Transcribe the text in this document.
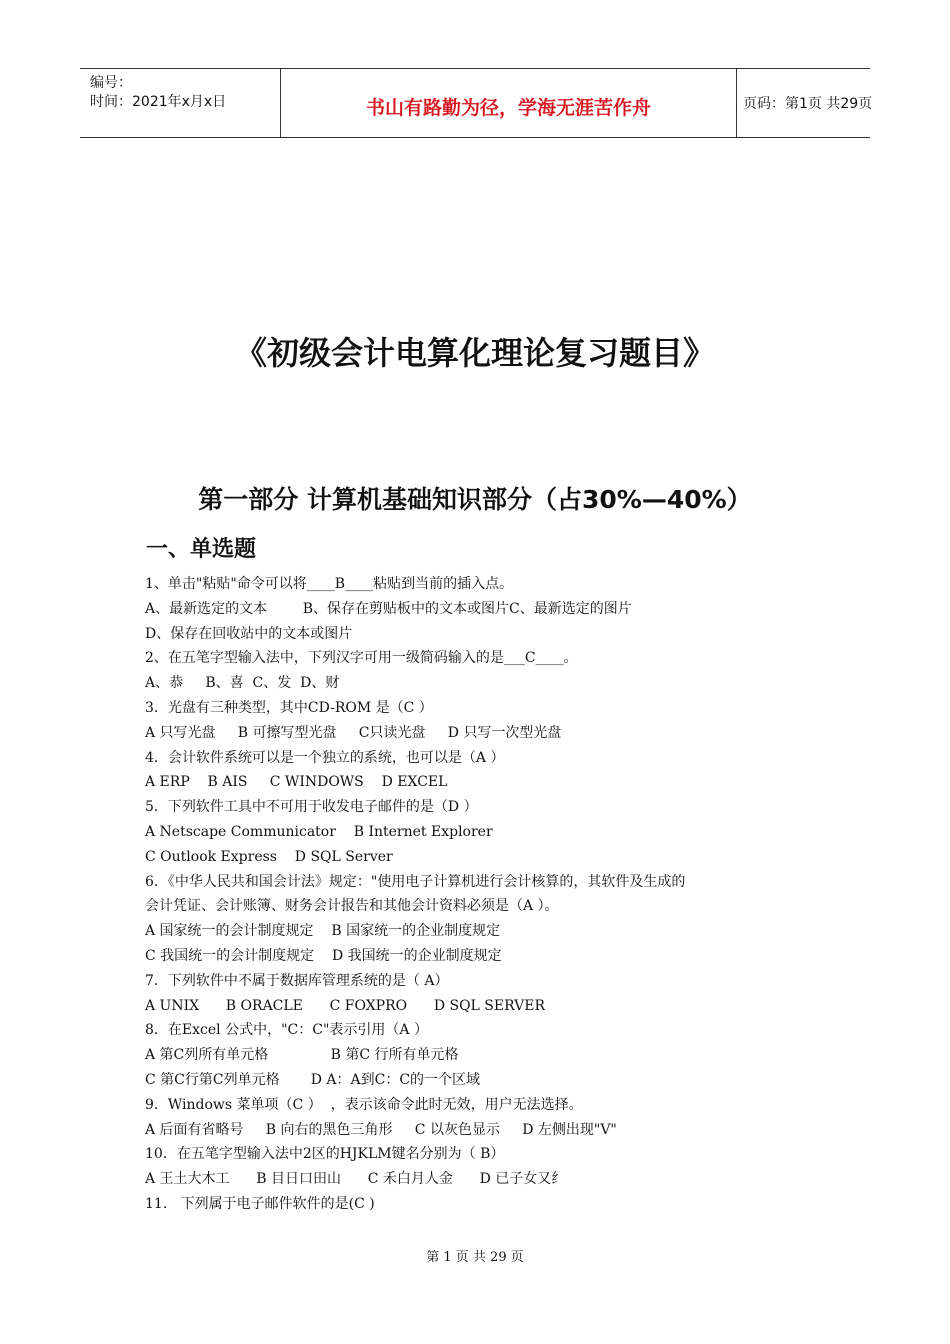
编号：
时间：2021年x月x日	书山有路勤为径，学海无涯苦作舟	页码：第1页 共29页
《初级会计电算化理论复习题目》
第一部分 计算机基础知识部分（占30%—40%）
一、单选题
1、单击"粘贴"命令可以将____B____粘贴到当前的插入点。
A、最新选定的文本        B、保存在剪贴板中的文本或图片C、最新选定的图片
D、保存在回收站中的文本或图片
2、在五笔字型输入法中，下列汉字可用一级简码输入的是___C____。
A、恭     B、喜  C、发  D、财
3．光盘有三种类型，其中CD-ROM 是（C ）
A 只写光盘     B 可擦写型光盘     C只读光盘     D 只写一次型光盘
4．会计软件系统可以是一个独立的系统，也可以是（A ）
A ERP    B AIS     C WINDOWS    D EXCEL
5．下列软件工具中不可用于收发电子邮件的是（D ）
A Netscape Communicator    B Internet Explorer
C Outlook Express    D SQL Server
6．《中华人民共和国会计法》规定："使用电子计算机进行会计核算的，其软件及生成的
会计凭证、会计账簿、财务会计报告和其他会计资料必须是（A ）。
A 国家统一的会计制度规定    B 国家统一的企业制度规定
C 我国统一的会计制度规定    D 我国统一的企业制度规定
7．下列软件中不属于数据库管理系统的是（ A）
A UNIX      B ORACLE      C FOXPRO      D SQL SERVER
8．在Excel 公式中，"C：C"表示引用（A ）
A 第C列所有单元格              B 第C 行所有单元格
C 第C行第C列单元格       D A：A到C：C的一个区域
9．Windows 菜单项（C ）  ，表示该命令此时无效，用户无法选择。
A 后面有省略号     B 向右的黑色三角形     C 以灰色显示     D 左侧出现"V"
10．在五笔字型输入法中2区的HJKLM键名分别为（ B）
A 王土大木工      B 目日口田山      C 禾白月人金      D 已子女又纟
11.   下列属于电子邮件软件的是(C )
第 1 页 共 29 页
